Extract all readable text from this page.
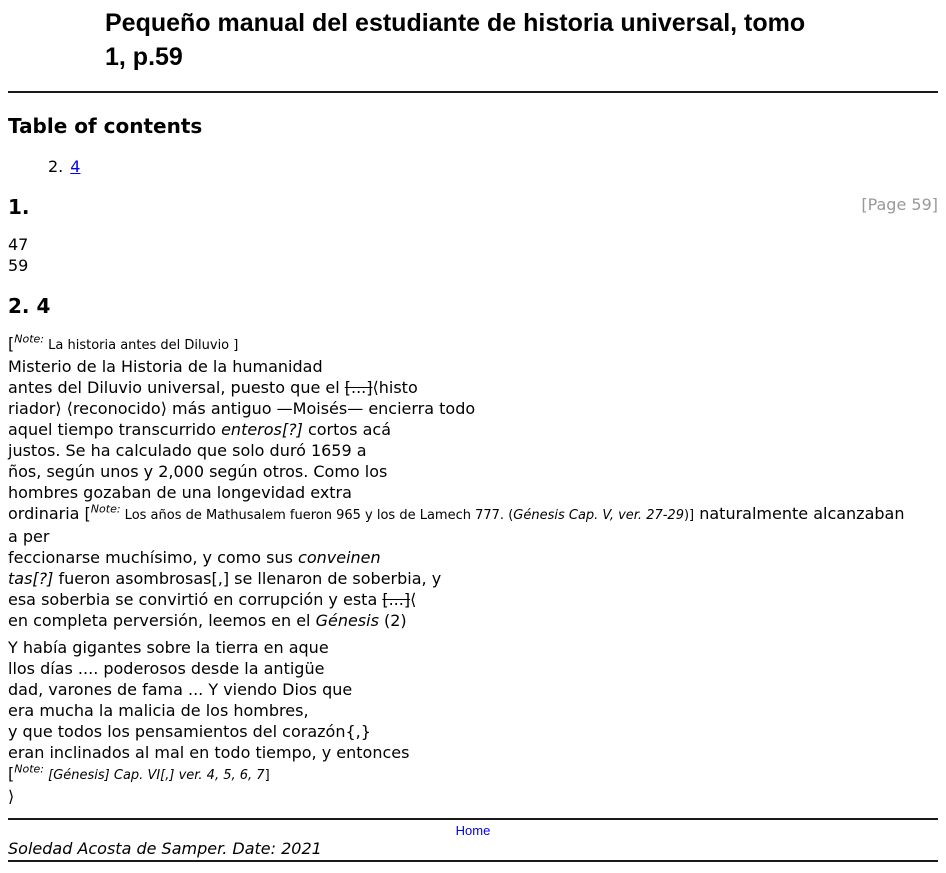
Pequeño manual del estudiante de historia universal, tomo
1, p.59
Table of contents
2. 4
[Page 59]
1.

47
59

2. 4

[$^{Note:}$ La historia antes del Diluvio ]
Misterio de la Historia de la humanidad
antes del Diluvio universal, puesto que el [...]⟨histo
riador⟩ ⟨reconocido⟩ más antiguo —Moisés— encierra todo
aquel tiempo transcurrido enteros[?] cortos acá
justos. Se ha calculado que solo duró 1659 a
ños, según unos y 2,000 según otros. Como los
hombres gozaban de una longevidad extra
ordinaria [$^{Note:}$ Los años de Mathusalem fueron 965 y los de Lamech 777. (Génesis Cap. V, ver. 27-29)] naturalmente alcanzaban
a per
feccionarse muchísimo, y como sus conveinen
tas[?] fueron asombrosas[,] se llenaron de soberbia, y
esa soberbia se convirtió en corrupción y esta [...]⟨
en completa perversión, leemos en el Génesis (2)

Y había gigantes sobre la tierra en aque
llos días .... poderosos desde la antigüe
dad, varones de fama ... Y viendo Dios que
era mucha la malicia de los hombres,
y que todos los pensamientos del corazón{,}
eran inclinados al mal en todo tiempo, y entonces
[$^{Note:}$ [Génesis] Cap. VI[,] ver. 4, 5, 6, 7]
⟩

Home
Soledad Acosta de Samper. Date: 2021
